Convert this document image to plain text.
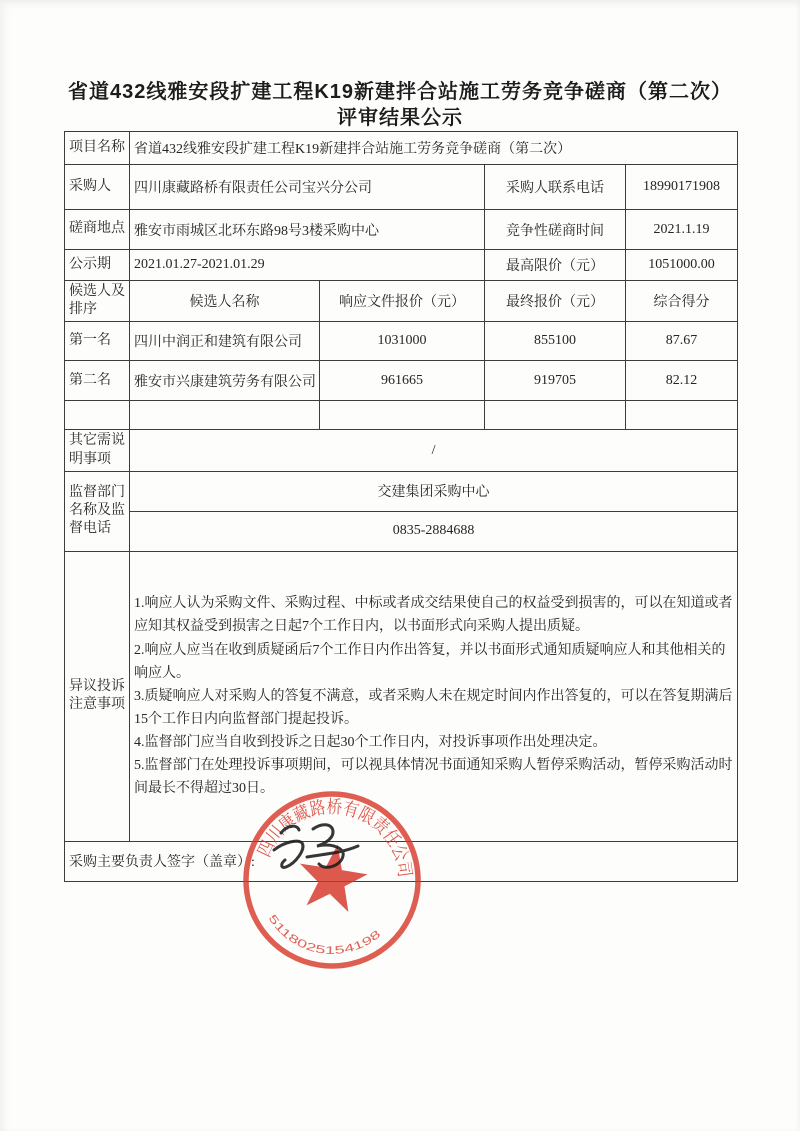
省道432线雅安段扩建工程K19新建拌合站施工劳务竞争磋商（第二次）
评审结果公示
项目名称	省道432线雅安段扩建工程K19新建拌合站施工劳务竞争磋商（第二次）			
采购人	四川康藏路桥有限责任公司宝兴分公司		采购人联系电话	18990171908
磋商地点	雅安市雨城区北环东路98号3楼采购中心		竞争性磋商时间	2021.1.19
公示期	2021.01.27-2021.01.29		最高限价（元）	1051000.00
候选人及排序	候选人名称	响应文件报价（元）	最终报价（元）	综合得分
第一名	四川中润正和建筑有限公司	1031000	855100	87.67
第二名	雅安市兴康建筑劳务有限公司	961665	919705	82.12

其它需说明事项	/			
监督部门名称及监督电话	交建集团采购中心			
	0835-2884688			
异议投诉注意事项	1.响应人认为采购文件、采购过程、中标或者成交结果使自己的权益受到损害的，可以在知道或者应知其权益受到损害之日起7个工作日内，以书面形式向采购人提出质疑。
2.响应人应当在收到质疑函后7个工作日内作出答复，并以书面形式通知质疑响应人和其他相关的响应人。
3.质疑响应人对采购人的答复不满意，或者采购人未在规定时间内作出答复的，可以在答复期满后15个工作日内向监督部门提起投诉。
4.监督部门应当自收到投诉之日起30个工作日内，对投诉事项作出处理决定。
5.监督部门在处理投诉事项期间，可以视具体情况书面通知采购人暂停采购活动，暂停采购活动时间最长不得超过30日。			

采购主要负责人签字（盖章）:				
四川康藏路桥有限责任公司
5118025154198
